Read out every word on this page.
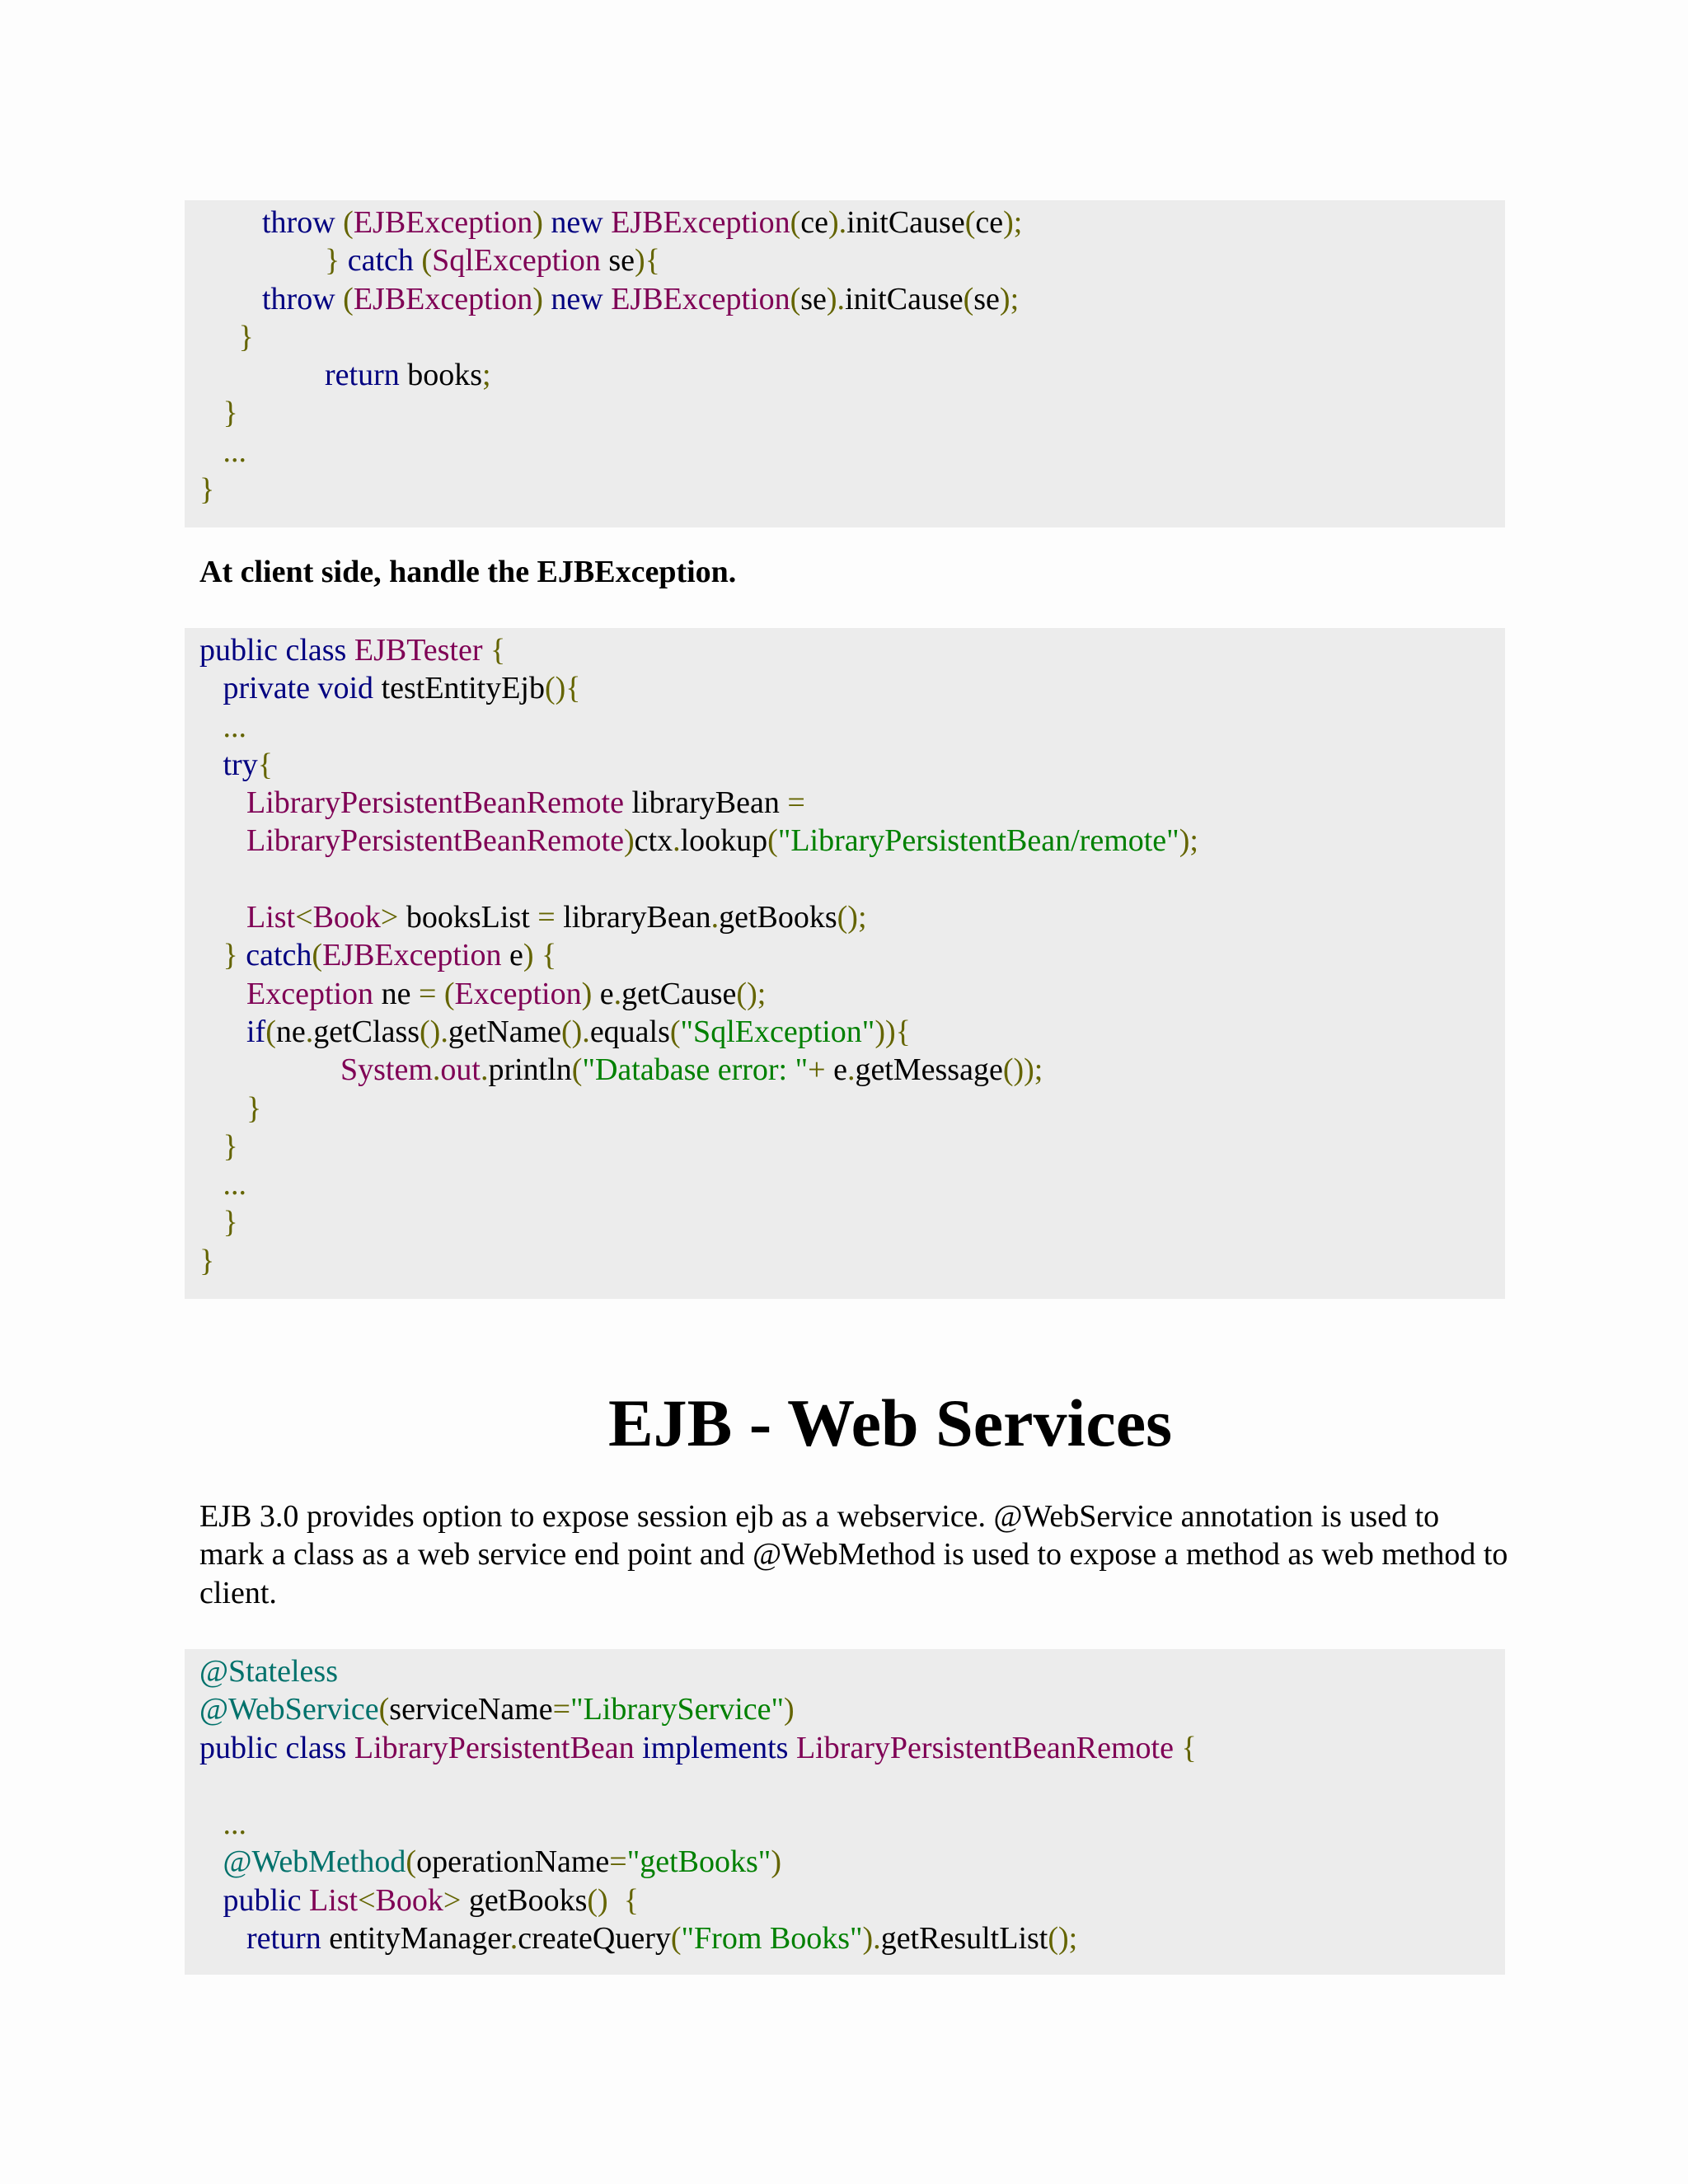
throw (EJBException) new EJBException(ce).initCause(ce);
} catch (SqlException se){
throw (EJBException) new EJBException(se).initCause(se);
}
return books;
}
...
}
At client side, handle the EJBException.
public class EJBTester {
private void testEntityEjb(){
...
try{
LibraryPersistentBeanRemote libraryBean =
LibraryPersistentBeanRemote)ctx.lookup("LibraryPersistentBean/remote");

List<Book> booksList = libraryBean.getBooks();
} catch(EJBException e) {
Exception ne = (Exception) e.getCause();
if(ne.getClass().getName().equals("SqlException")){
System.out.println("Database error: "+ e.getMessage());
}
}
...
}
}
EJB - Web Services

EJB 3.0 provides option to expose session ejb as a webservice. @WebService annotation is used to mark a class as a web service end point and @WebMethod is used to expose a method as web method to client.

@Stateless
@WebService(serviceName="LibraryService")
public class LibraryPersistentBean implements LibraryPersistentBeanRemote {

...
@WebMethod(operationName="getBooks")
public List<Book> getBooks()  {
return entityManager.createQuery("From Books").getResultList();
